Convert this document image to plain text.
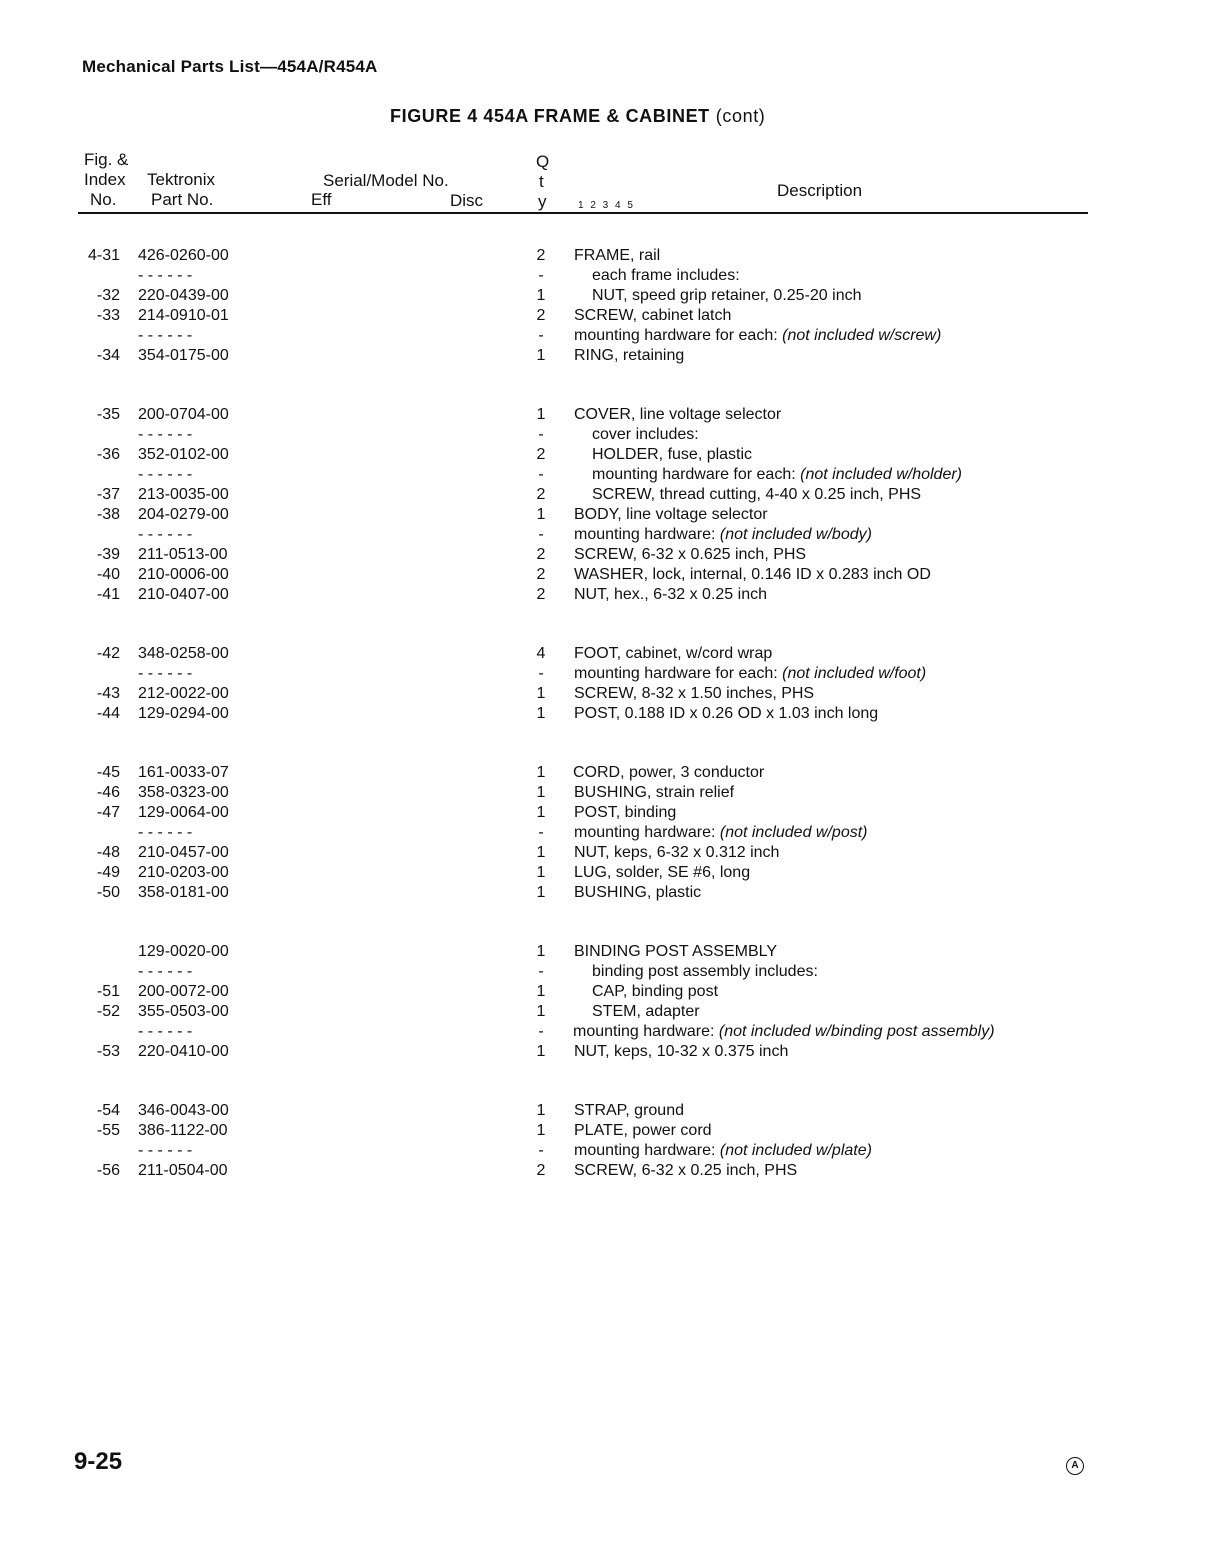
Mechanical Parts List—454A/R454A
FIGURE 4 454A FRAME & CABINET (cont)
Fig. &
Index
No.
Tektronix
Part No.
Serial/Model No.
Eff	Disc
Q
t
y	1 2 3 4 5
Description
4-31 426-0260-00	2	FRAME, rail
- - - - - -	-	each frame includes:
-32 220-0439-00	1	NUT, speed grip retainer, 0.25-20 inch
-33 214-0910-01	2	SCREW, cabinet latch
- - - - - -	-	mounting hardware for each: (not included w/screw)
-34 354-0175-00	1	RING, retaining
-35 200-0704-00	1	COVER, line voltage selector
- - - - - -	-	cover includes:
-36 352-0102-00	2	HOLDER, fuse, plastic
- - - - - -	-	mounting hardware for each: (not included w/holder)
-37 213-0035-00	2	SCREW, thread cutting, 4-40 x 0.25 inch, PHS
-38 204-0279-00	1	BODY, line voltage selector
- - - - - -	-	mounting hardware: (not included w/body)
-39 211-0513-00	2	SCREW, 6-32 x 0.625 inch, PHS
-40 210-0006-00	2	WASHER, lock, internal, 0.146 ID x 0.283 inch OD
-41 210-0407-00	2	NUT, hex., 6-32 x 0.25 inch
-42 348-0258-00	4	FOOT, cabinet, w/cord wrap
- - - - - -	-	mounting hardware for each: (not included w/foot)
-43 212-0022-00	1	SCREW, 8-32 x 1.50 inches, PHS
-44 129-0294-00	1	POST, 0.188 ID x 0.26 OD x 1.03 inch long
-45 161-0033-07	1	CORD, power, 3 conductor
-46 358-0323-00	1	BUSHING, strain relief
-47 129-0064-00	1	POST, binding
- - - - - -	-	mounting hardware: (not included w/post)
-48 210-0457-00	1	NUT, keps, 6-32 x 0.312 inch
-49 210-0203-00	1	LUG, solder, SE #6, long
-50 358-0181-00	1	BUSHING, plastic
129-0020-00	1	BINDING POST ASSEMBLY
- - - - - -	-	binding post assembly includes:
-51 200-0072-00	1	CAP, binding post
-52 355-0503-00	1	STEM, adapter
- - - - - -	-	mounting hardware: (not included w/binding post assembly)
-53 220-0410-00	1	NUT, keps, 10-32 x 0.375 inch
-54 346-0043-00	1	STRAP, ground
-55 386-1122-00	1	PLATE, power cord
- - - - - -	-	mounting hardware: (not included w/plate)
-56 211-0504-00	2	SCREW, 6-32 x 0.25 inch, PHS
9-25	A
